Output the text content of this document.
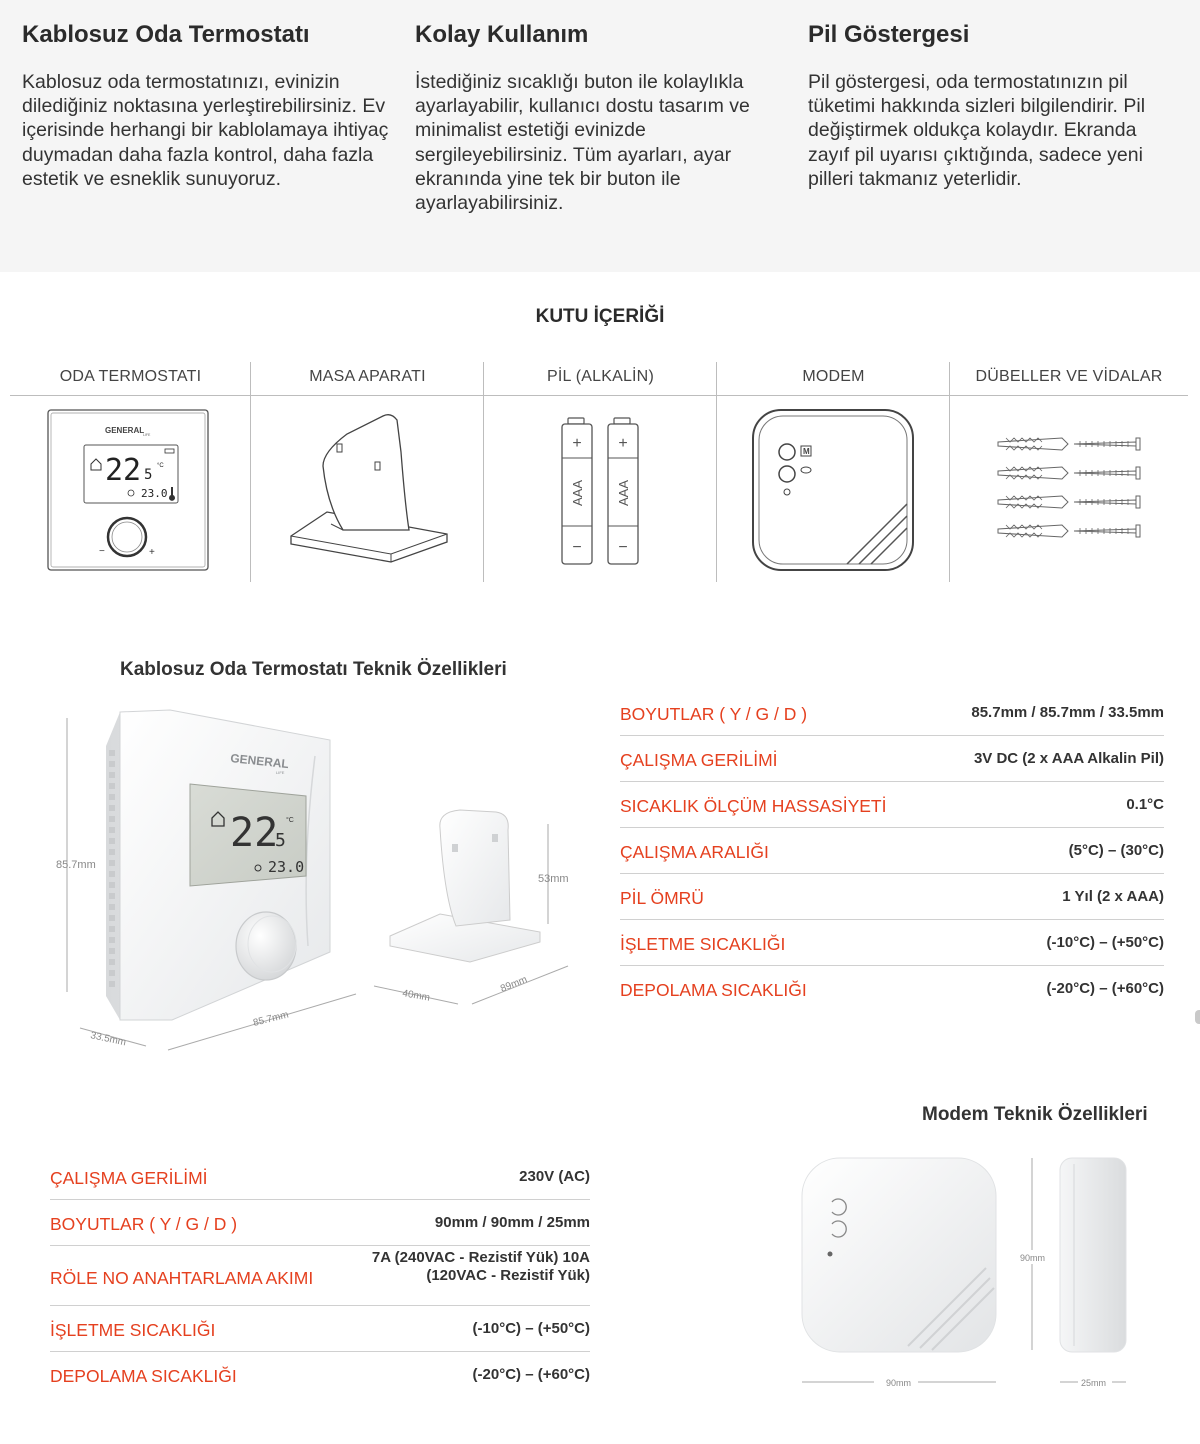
Kablosuz Oda Termostatı

Kablosuz oda termostatınızı, evinizin dilediğiniz noktasına yerleştirebilirsiniz. Ev içerisinde herhangi bir kablolamaya ihtiyaç duymadan daha fazla kontrol, daha fazla estetik ve esneklik sunuyoruz.

Kolay Kullanım

İstediğiniz sıcaklığı buton ile kolaylıkla ayarlayabilir, kullanıcı dostu tasarım ve minimalist estetiği evinizde sergileyebilirsiniz. Tüm ayarları, ayar ekranında yine tek bir buton ile ayarlayabilirsiniz.

Pil Göstergesi

Pil göstergesi, oda termostatınızın pil tüketimi hakkında sizleri bilgilendirir. Pil değiştirmek oldukça kolaydır. Ekranda zayıf pil uyarısı çıktığında, sadece yeni pilleri takmanız yeterlidir.

KUTU İÇERİĞİ
ODA TERMOSTATI
GENERAL
LIFE
22 5
°C
23.0
−	+
MASA APARATI	PİL (ALKALİN)
+
−
AAA
+
−
AAA
MODEM
M
DÜBELLER VE VİDALAR
Kablosuz Oda Termostatı Teknik Özellikleri
85.7mm
33.5mm
85.7mm
GENERAL
LIFE
22
5
°C
23.0
53mm
40mm
89mm
BOYUTLAR ( Y / G / D )	85.7mm / 85.7mm / 33.5mm
ÇALIŞMA GERİLİMİ	3V DC (2 x AAA Alkalin Pil)
SICAKLIK ÖLÇÜM HASSASİYETİ	0.1°C
ÇALIŞMA ARALIĞI	(5°C) – (30°C)
PİL ÖMRÜ	1 Yıl (2 x AAA)
İŞLETME SICAKLIĞI	(-10°C) – (+50°C)
DEPOLAMA SICAKLIĞI	(-20°C) – (+60°C)
Modem Teknik Özellikleri
ÇALIŞMA GERİLİMİ	230V (AC)
BOYUTLAR ( Y / G / D )	90mm / 90mm / 25mm
RÖLE NO ANAHTARLAMA AKIMI
7A (240VAC - Rezistif Yük) 10A (120VAC - Rezistif Yük)
İŞLETME SICAKLIĞI	(-10°C) – (+50°C)
DEPOLAMA SICAKLIĞI	(-20°C) – (+60°C)	90mm
90mm
25mm
